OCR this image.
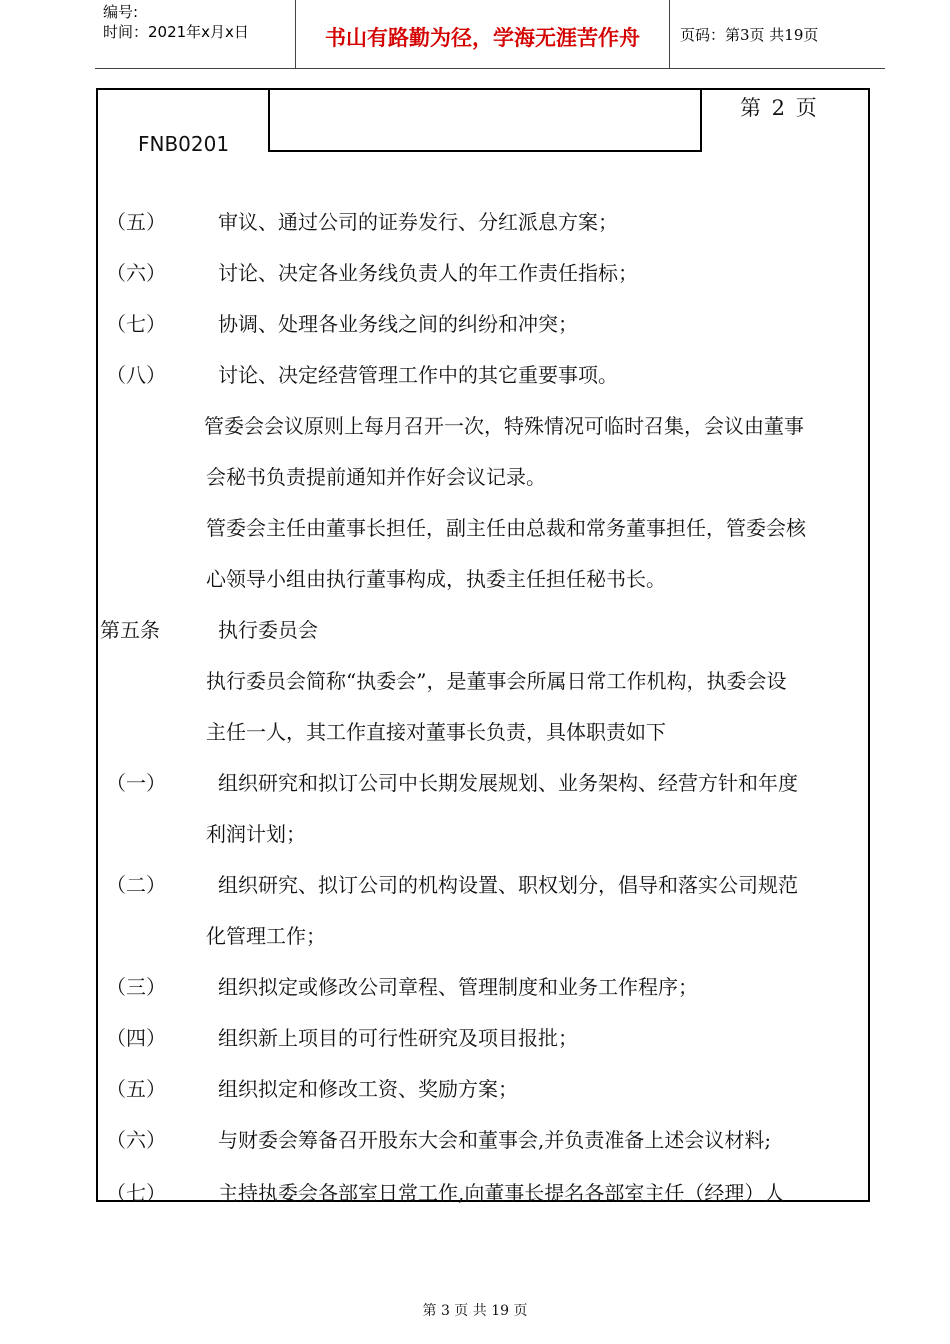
编号:
时间：2021年x月x日	书山有路勤为径，学海无涯苦作舟	页码：第3页 共19页
第 2 页
FNB0201
（五）	审议、通过公司的证券发行、分红派息方案；
（六）	讨论、决定各业务线负责人的年工作责任指标；
（七）	协调、处理各业务线之间的纠纷和冲突；
（八）	讨论、决定经营管理工作中的其它重要事项。
管委会会议原则上每月召开一次，特殊情况可临时召集，会议由董事
会秘书负责提前通知并作好会议记录。
管委会主任由董事长担任，副主任由总裁和常务董事担任，管委会核
心领导小组由执行董事构成，执委主任担任秘书长。
第五条	执行委员会
执行委员会简称“执委会”，是董事会所属日常工作机构，执委会设
主任一人，其工作直接对董事长负责，具体职责如下
（一）	组织研究和拟订公司中长期发展规划、业务架构、经营方针和年度
利润计划；
（二）	组织研究、拟订公司的机构设置、职权划分，倡导和落实公司规范
化管理工作；
（三）	组织拟定或修改公司章程、管理制度和业务工作程序；
（四）	组织新上项目的可行性研究及项目报批；
（五）	组织拟定和修改工资、奖励方案；
（六）	与财委会筹备召开股东大会和董事会,并负责准备上述会议材料;
（七）	主持执委会各部室日常工作,向董事长提名各部室主任（经理）人
第 3 页 共 19 页
